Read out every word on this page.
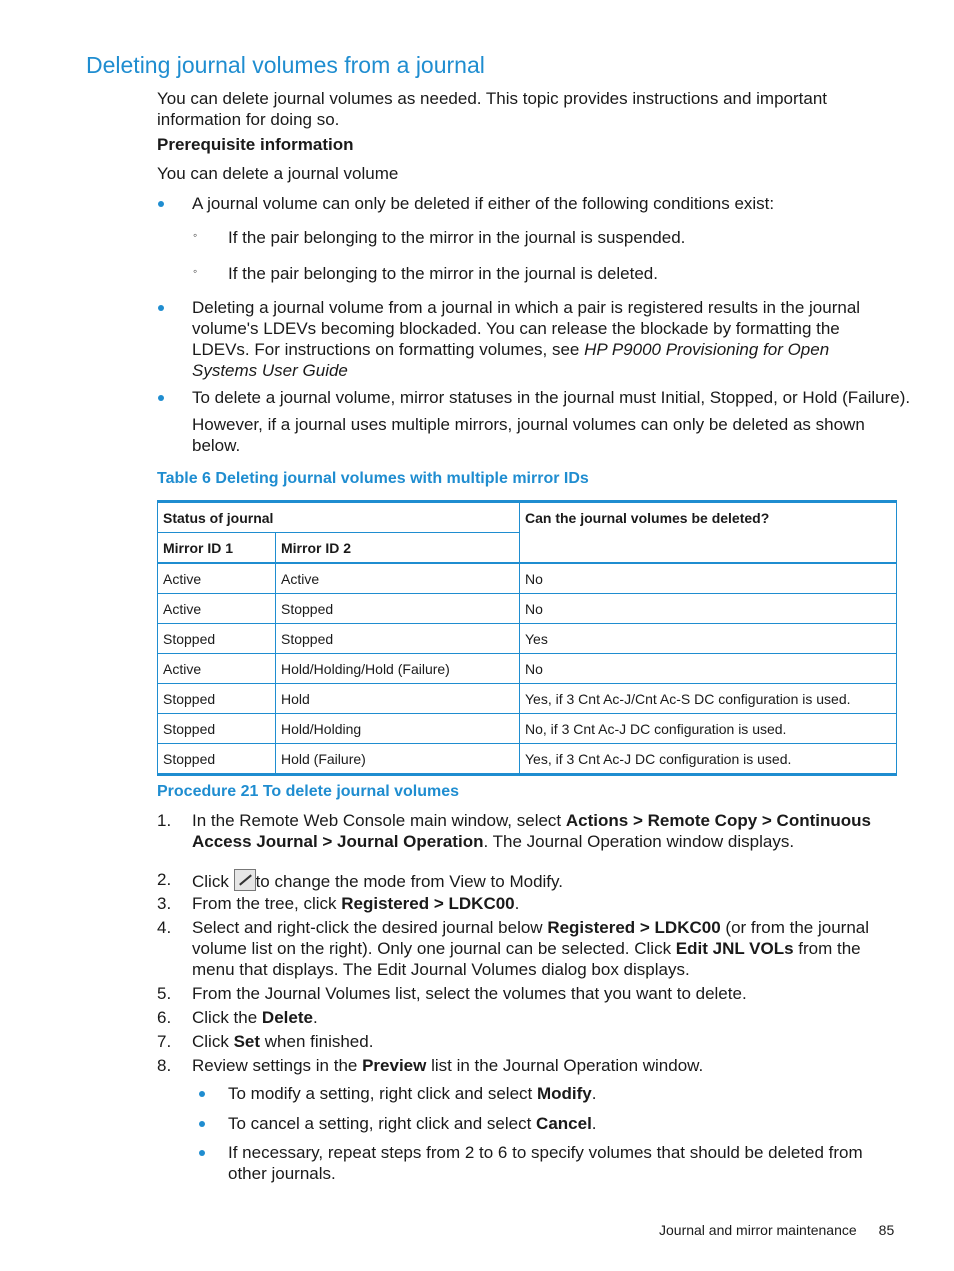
Deleting journal volumes from a journal

You can delete journal volumes as needed. This topic provides instructions and important information for doing so.

Prerequisite information
You can delete a journal volume
A journal volume can only be deleted if either of the following conditions exist:
◦ If the pair belonging to the mirror in the journal is suspended.
◦ If the pair belonging to the mirror in the journal is deleted.
Deleting a journal volume from a journal in which a pair is registered results in the journal volume's LDEVs becoming blockaded. You can release the blockade by formatting the LDEVs. For instructions on formatting volumes, see HP P9000 Provisioning for Open Systems User Guide
To delete a journal volume, mirror statuses in the journal must Initial, Stopped, or Hold (Failure).
However, if a journal uses multiple mirrors, journal volumes can only be deleted as shown below.
Table 6 Deleting journal volumes with multiple mirror IDs
Status of journal		Can the journal volumes be deleted?
Mirror ID 1	Mirror ID 2	
Active	Active	No
Active	Stopped	No
Stopped	Stopped	Yes
Active	Hold/Holding/Hold (Failure)	No
Stopped	Hold	Yes, if 3 Cnt Ac-J/Cnt Ac-S DC configuration is used.
Stopped	Hold/Holding	No, if 3 Cnt Ac-J DC configuration is used.
Stopped	Hold (Failure)	Yes, if 3 Cnt Ac-J DC configuration is used.
Procedure 21 To delete journal volumes
1. In the Remote Web Console main window, select Actions > Remote Copy > Continuous Access Journal > Journal Operation. The Journal Operation window displays.
2. Click
to change the mode from View to Modify.
3. From the tree, click Registered > LDKC00.
4. Select and right-click the desired journal below Registered > LDKC00 (or from the journal volume list on the right). Only one journal can be selected. Click Edit JNL VOLs from the menu that displays. The Edit Journal Volumes dialog box displays.
5. From the Journal Volumes list, select the volumes that you want to delete.
6. Click the Delete.
7. Click Set when finished.
8. Review settings in the Preview list in the Journal Operation window.
To modify a setting, right click and select Modify.
To cancel a setting, right click and select Cancel.
If necessary, repeat steps from 2 to 6 to specify volumes that should be deleted from other journals.
Journal and mirror maintenance 85
